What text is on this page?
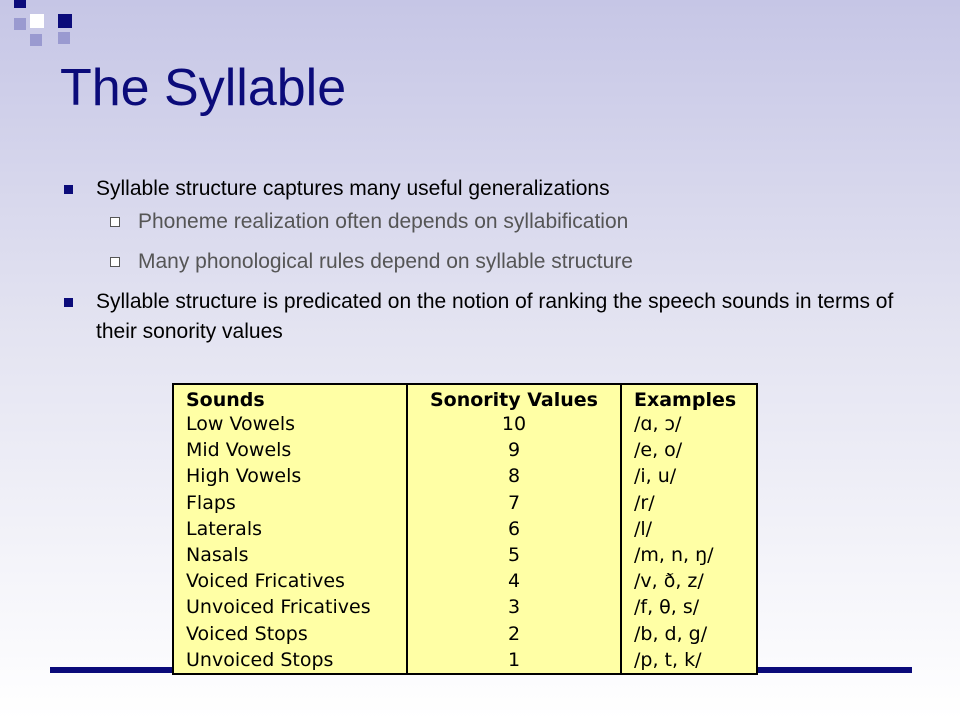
The Syllable
Syllable structure captures many useful generalizations
Phoneme realization often depends on syllabification
Many phonological rules depend on syllable structure
Syllable structure is predicated on the notion of ranking the speech sounds in terms of their sonority values
Sounds	Sonority Values	Examples
Low Vowels	10	/ɑ, ɔ/
Mid Vowels	9	/e, o/
High Vowels	8	/i, u/
Flaps	7	/r/
Laterals	6	/l/
Nasals	5	/m, n, ŋ/
Voiced Fricatives	4	/v, ð, z/
Unvoiced Fricatives	3	/f, θ, s/
Voiced Stops	2	/b, d, g/
Unvoiced Stops	1	/p, t, k/
